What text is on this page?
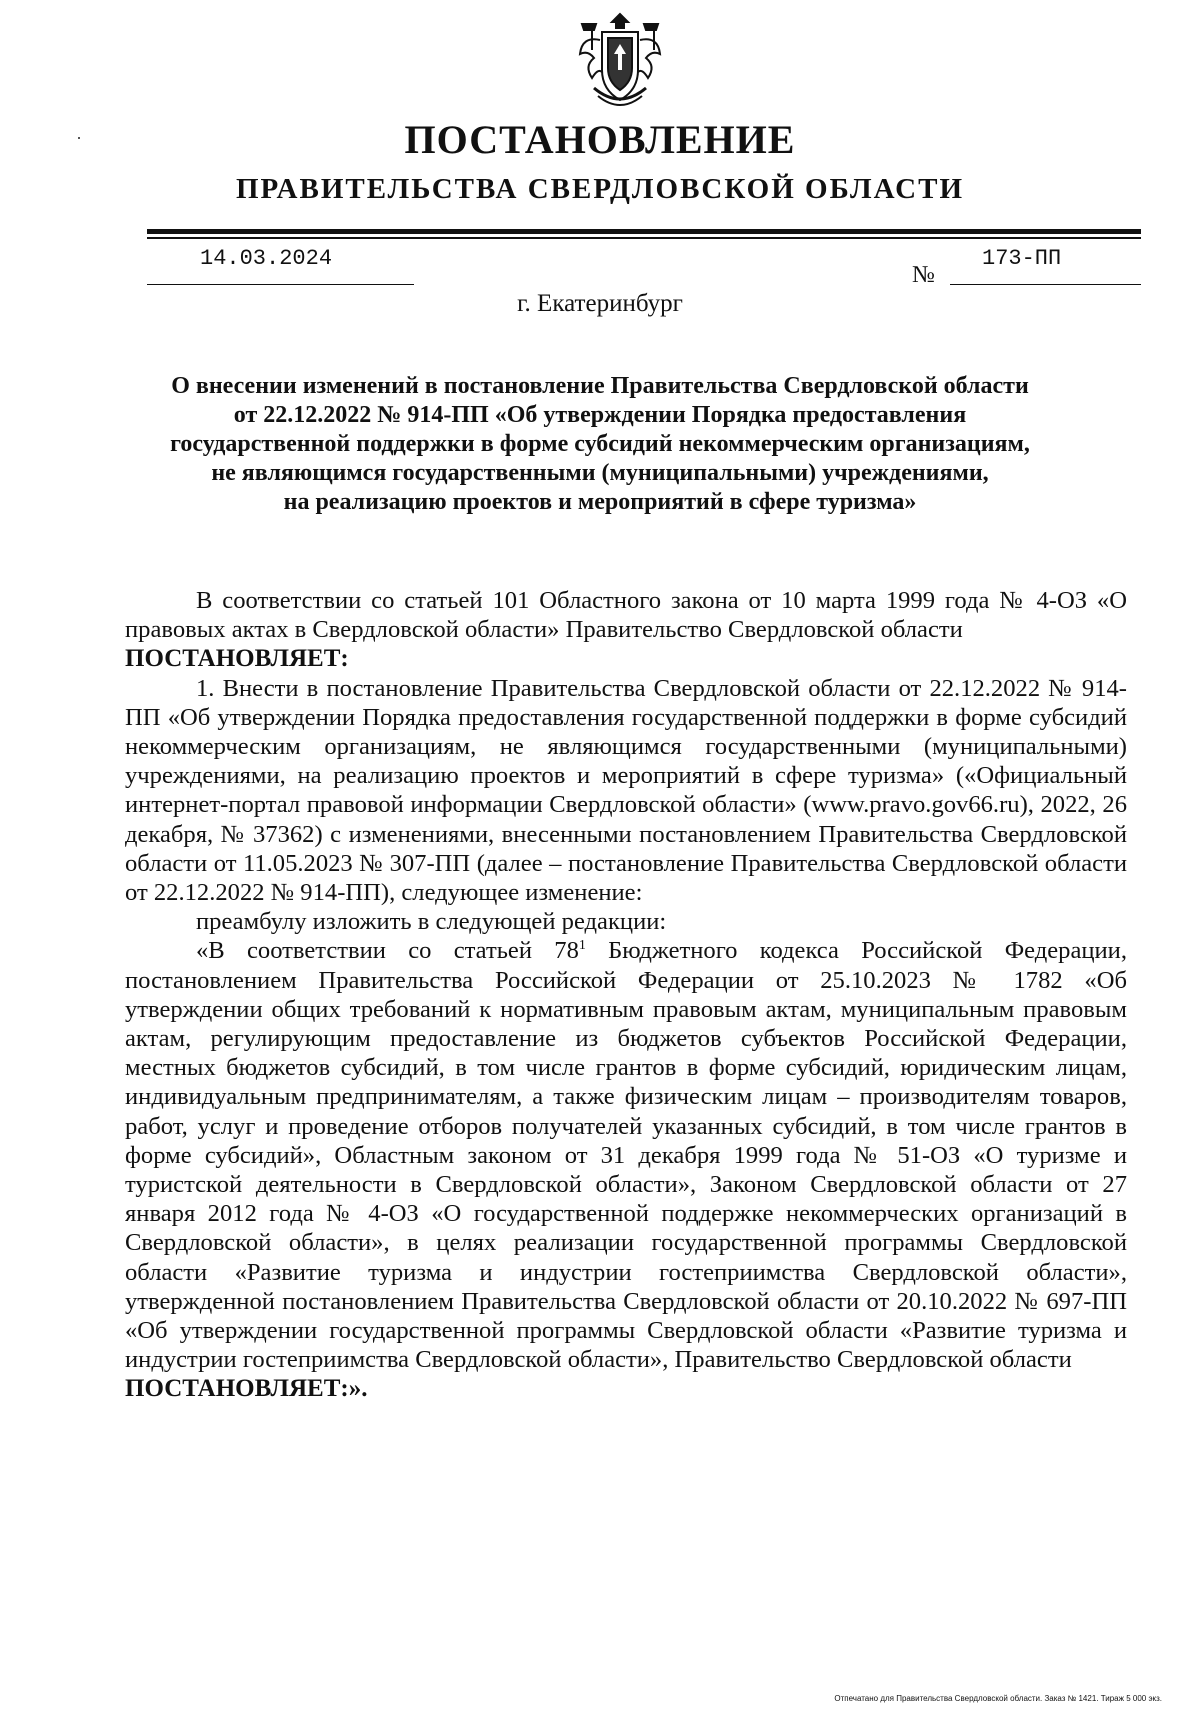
ПОСТАНОВЛЕНИЕ
ПРАВИТЕЛЬСТВА СВЕРДЛОВСКОЙ ОБЛАСТИ
14.03.2024
№
173-ПП
г. Екатеринбург
О внесении изменений в постановление Правительства Свердловской области
от 22.12.2022 № 914-ПП «Об утверждении Порядка предоставления
государственной поддержки в форме субсидий некоммерческим организациям,
не являющимся государственными (муниципальными) учреждениями,
на реализацию проектов и мероприятий в сфере туризма»

В соответствии со статьей 101 Областного закона от 10 марта 1999 года № 4-ОЗ «О правовых актах в Свердловской области» Правительство Свердловской области

ПОСТАНОВЛЯЕТ:

1. Внести в постановление Правительства Свердловской области от 22.12.2022 № 914-ПП «Об утверждении Порядка предоставления государственной поддержки в форме субсидий некоммерческим организациям, не являющимся государственными (муниципальными) учреждениями, на реализацию проектов и мероприятий в сфере туризма» («Официальный интернет-портал правовой информации Свердловской области» (www.pravo.gov66.ru), 2022, 26 декабря, № 37362) с изменениями, внесенными постановлением Правительства Свердловской области от 11.05.2023 № 307-ПП (далее – постановление Правительства Свердловской области от 22.12.2022 № 914-ПП), следующее изменение:

преамбулу изложить в следующей редакции:

«В соответствии со статьей $78^1$ Бюджетного кодекса Российской Федерации, постановлением Правительства Российской Федерации от 25.10.2023 № 1782 «Об утверждении общих требований к нормативным правовым актам, муниципальным правовым актам, регулирующим предоставление из бюджетов субъектов Российской Федерации, местных бюджетов субсидий, в том числе грантов в форме субсидий, юридическим лицам, индивидуальным предпринимателям, а также физическим лицам – производителям товаров, работ, услуг и проведение отборов получателей указанных субсидий, в том числе грантов в форме субсидий», Областным законом от 31 декабря 1999 года № 51-ОЗ «О туризме и туристской деятельности в Свердловской области», Законом Свердловской области от 27 января 2012 года № 4-ОЗ «О государственной поддержке некоммерческих организаций в Свердловской области», в целях реализации государственной программы Свердловской области «Развитие туризма и индустрии гостеприимства Свердловской области», утвержденной постановлением Правительства Свердловской области от 20.10.2022 № 697-ПП «Об утверждении государственной программы Свердловской области «Развитие туризма и индустрии гостеприимства Свердловской области», Правительство Свердловской области

ПОСТАНОВЛЯЕТ:».

Отпечатано для Правительства Свердловской области. Заказ № 1421. Тираж 5 000 экз.
